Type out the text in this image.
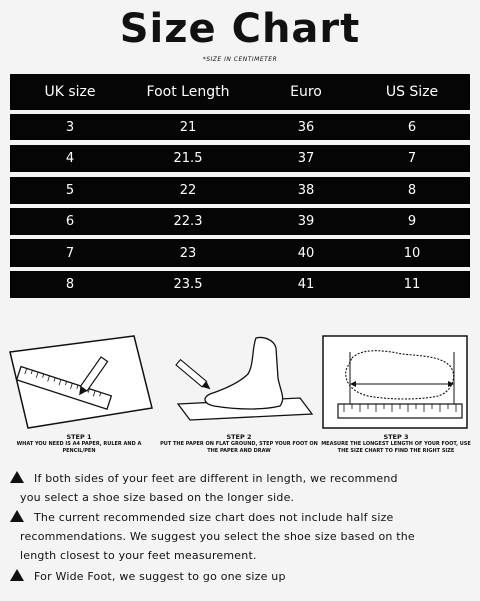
Size Chart
*SIZE IN CENTIMETER
UK size	Foot Length	Euro	US Size
3	21	36	6
4	21.5	37	7
5	22	38	8
6	22.3	39	9
7	23	40	10
8	23.5	41	11
STEP 1
WHAT YOU NEED IS A4 PAPER, RULER AND A PENCIL/PEN
STEP 2
PUT THE PAPER ON FLAT GROUND, STEP YOUR FOOT ON THE PAPER AND DRAW
STEP 3
MEASURE THE LONGEST LENGTH OF YOUR FOOT, USE THE SIZE CHART TO FIND THE RIGHT SIZE
If both sides of your feet are different in length, we recommend
you select a shoe size based on the longer side.
The current recommended size chart does not include half size
recommendations. We suggest you select the shoe size based on the
length closest to your feet measurement.
For Wide Foot, we suggest to go one size up
